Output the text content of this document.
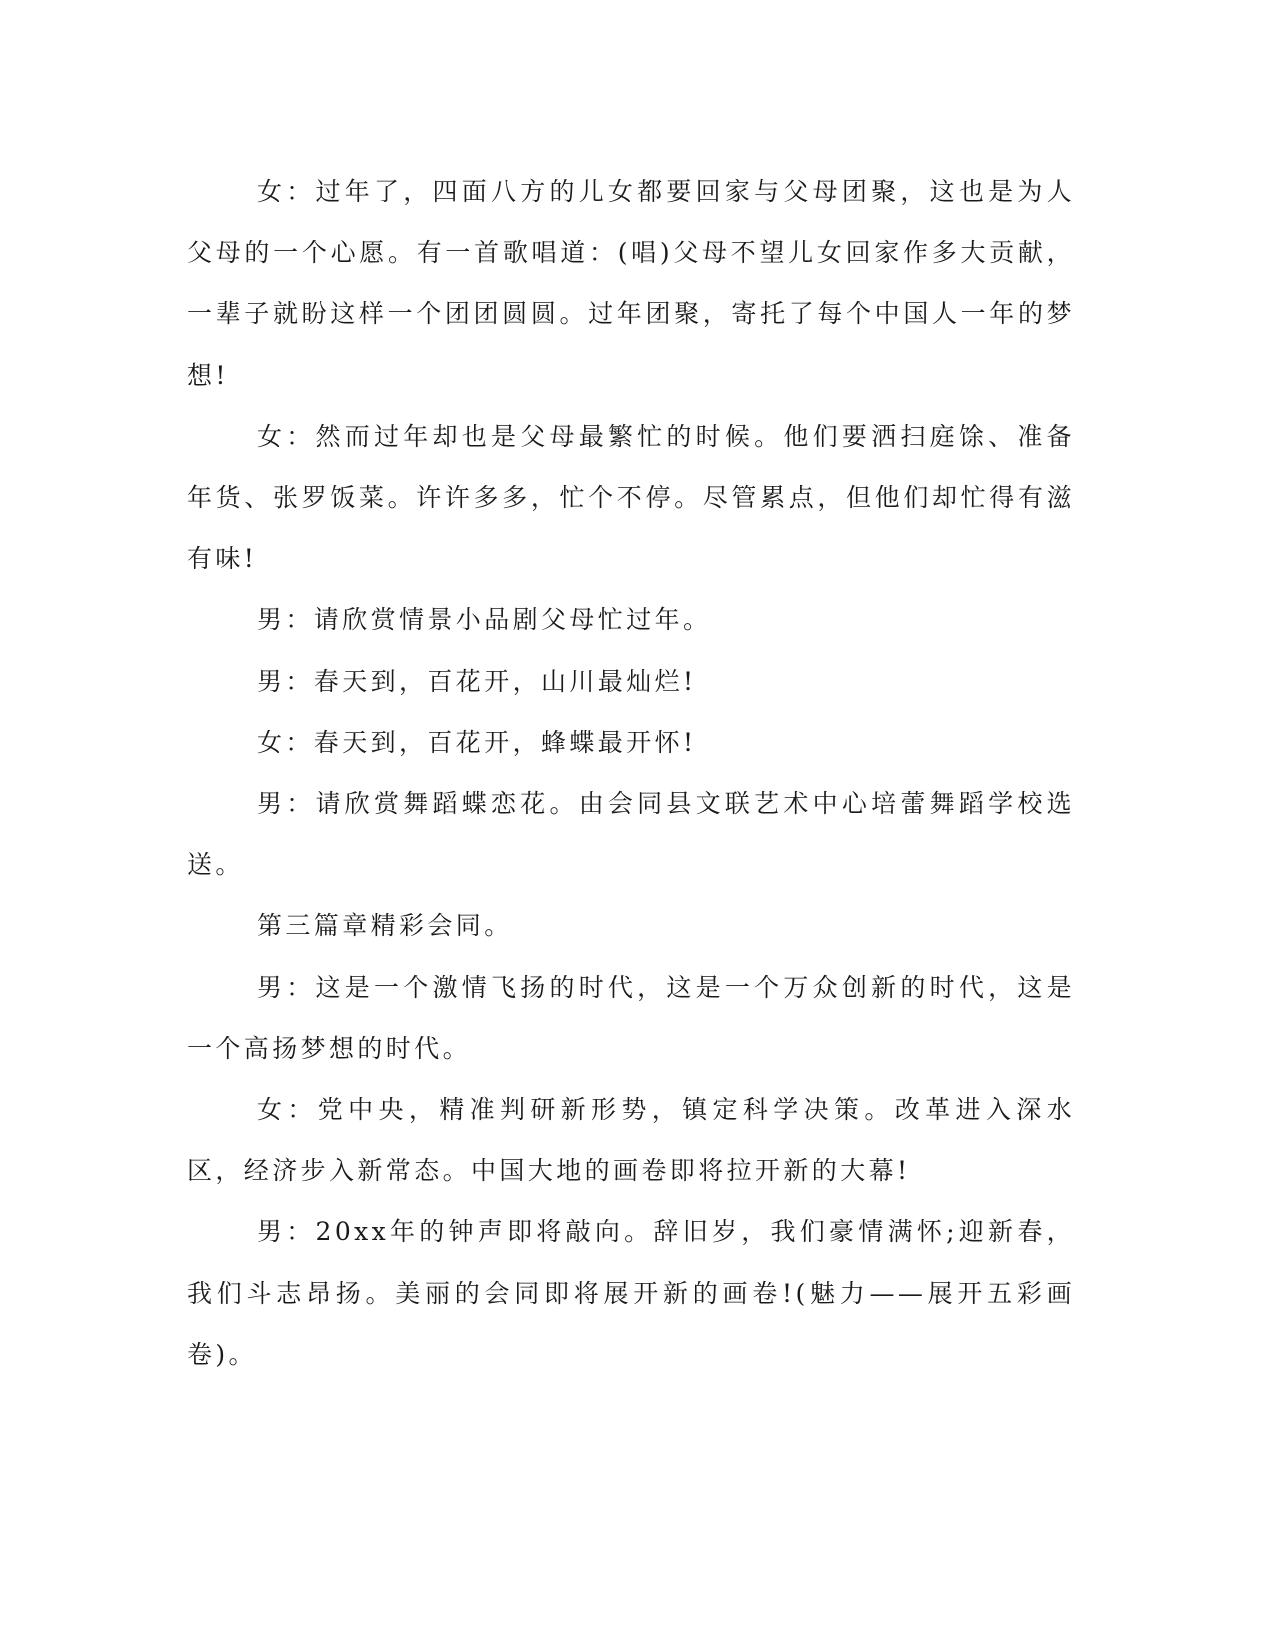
女：过年了，四面八方的儿女都要回家与父母团聚，这也是为人父母的一个心愿。有一首歌唱道：(唱)父母不望儿女回家作多大贡献，一辈子就盼这样一个团团圆圆。过年团聚，寄托了每个中国人一年的梦想!

女：然而过年却也是父母最繁忙的时候。他们要洒扫庭馀、准备年货、张罗饭菜。许许多多，忙个不停。尽管累点，但他们却忙得有滋有味!

男：请欣赏情景小品剧父母忙过年。

男：春天到，百花开，山川最灿烂!

女：春天到，百花开，蜂蝶最开怀!

男：请欣赏舞蹈蝶恋花。由会同县文联艺术中心培蕾舞蹈学校选送。

第三篇章精彩会同。

男：这是一个激情飞扬的时代，这是一个万众创新的时代，这是一个高扬梦想的时代。

女：党中央，精准判研新形势，镇定科学决策。改革进入深水区，经济步入新常态。中国大地的画卷即将拉开新的大幕!

男：20xx年的钟声即将敲向。辞旧岁，我们豪情满怀;迎新春，我们斗志昂扬。美丽的会同即将展开新的画卷!(魅力——展开五彩画卷)。
